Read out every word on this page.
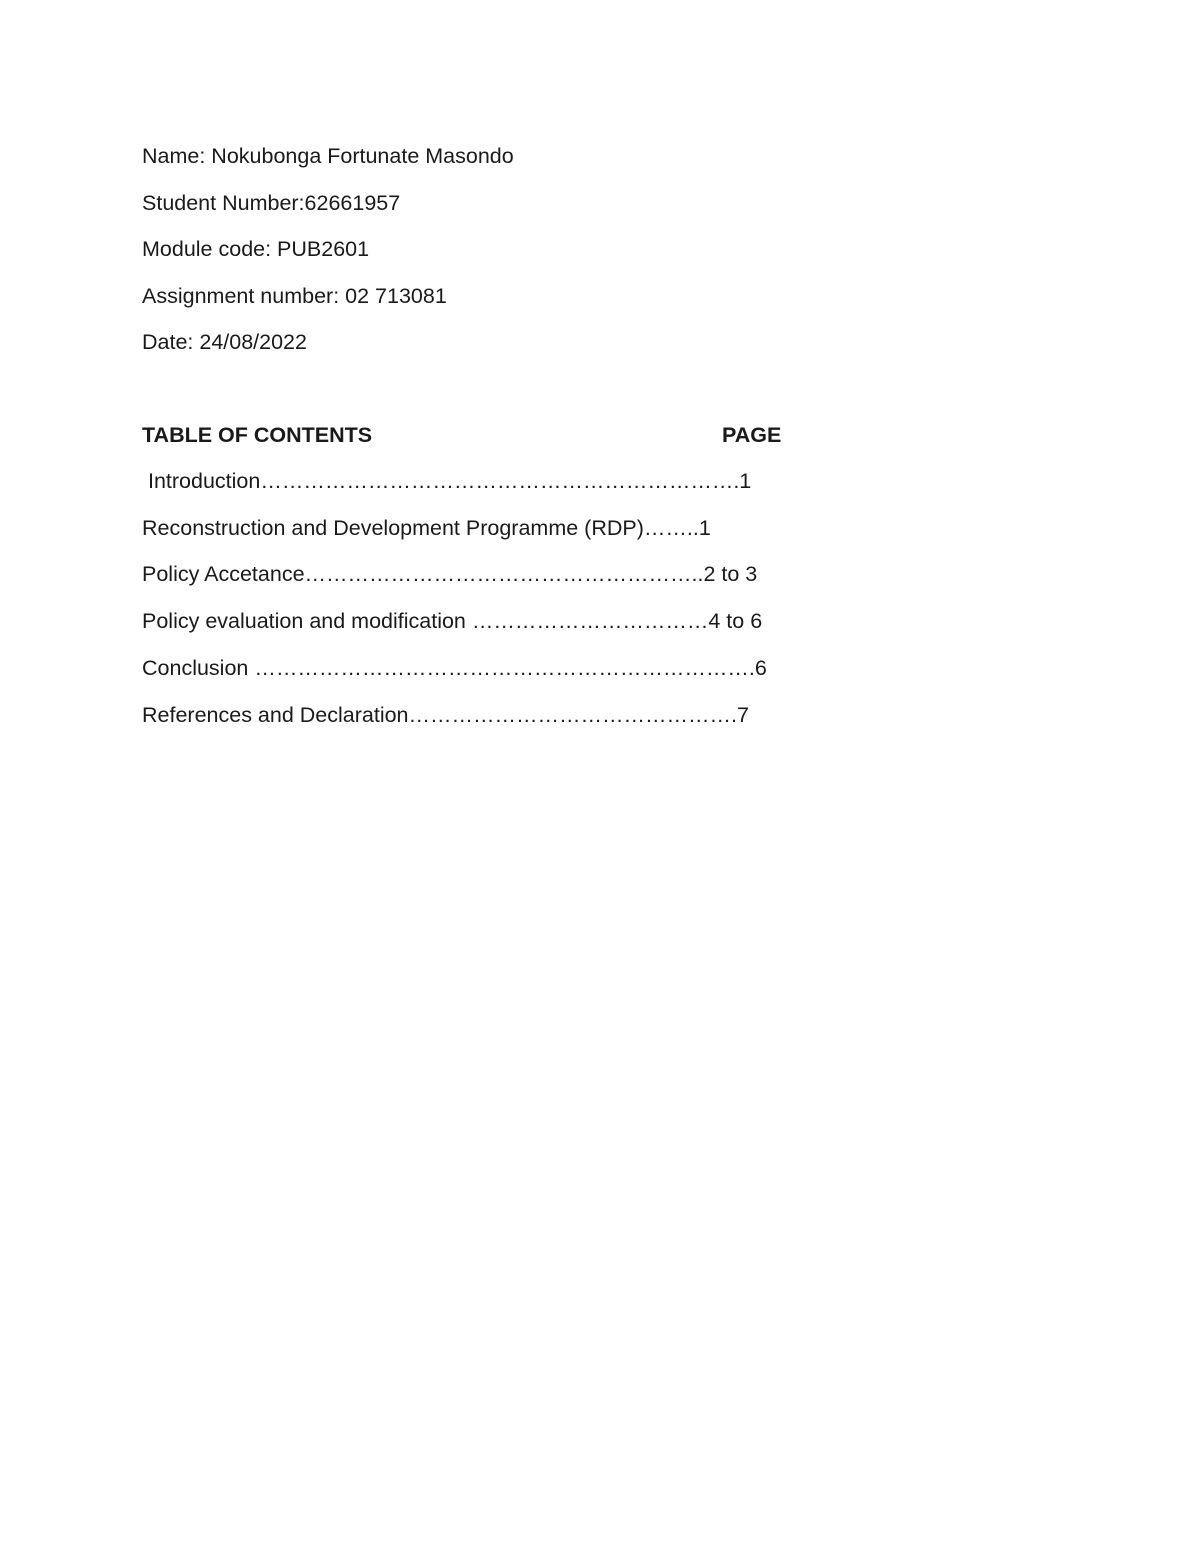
Name: Nokubonga Fortunate Masondo
Student Number:62661957
Module code: PUB2601
Assignment number: 02 713081
Date: 24/08/2022
TABLE OF CONTENTS	PAGE
Introduction………………………………………………………….1
Reconstruction and Development Programme (RDP)……..1
Policy Accetance………………………………………………..2 to 3
Policy evaluation and modification ……………………………4 to 6
Conclusion …………………………………………………………….6
References and Declaration……………………………………….7
